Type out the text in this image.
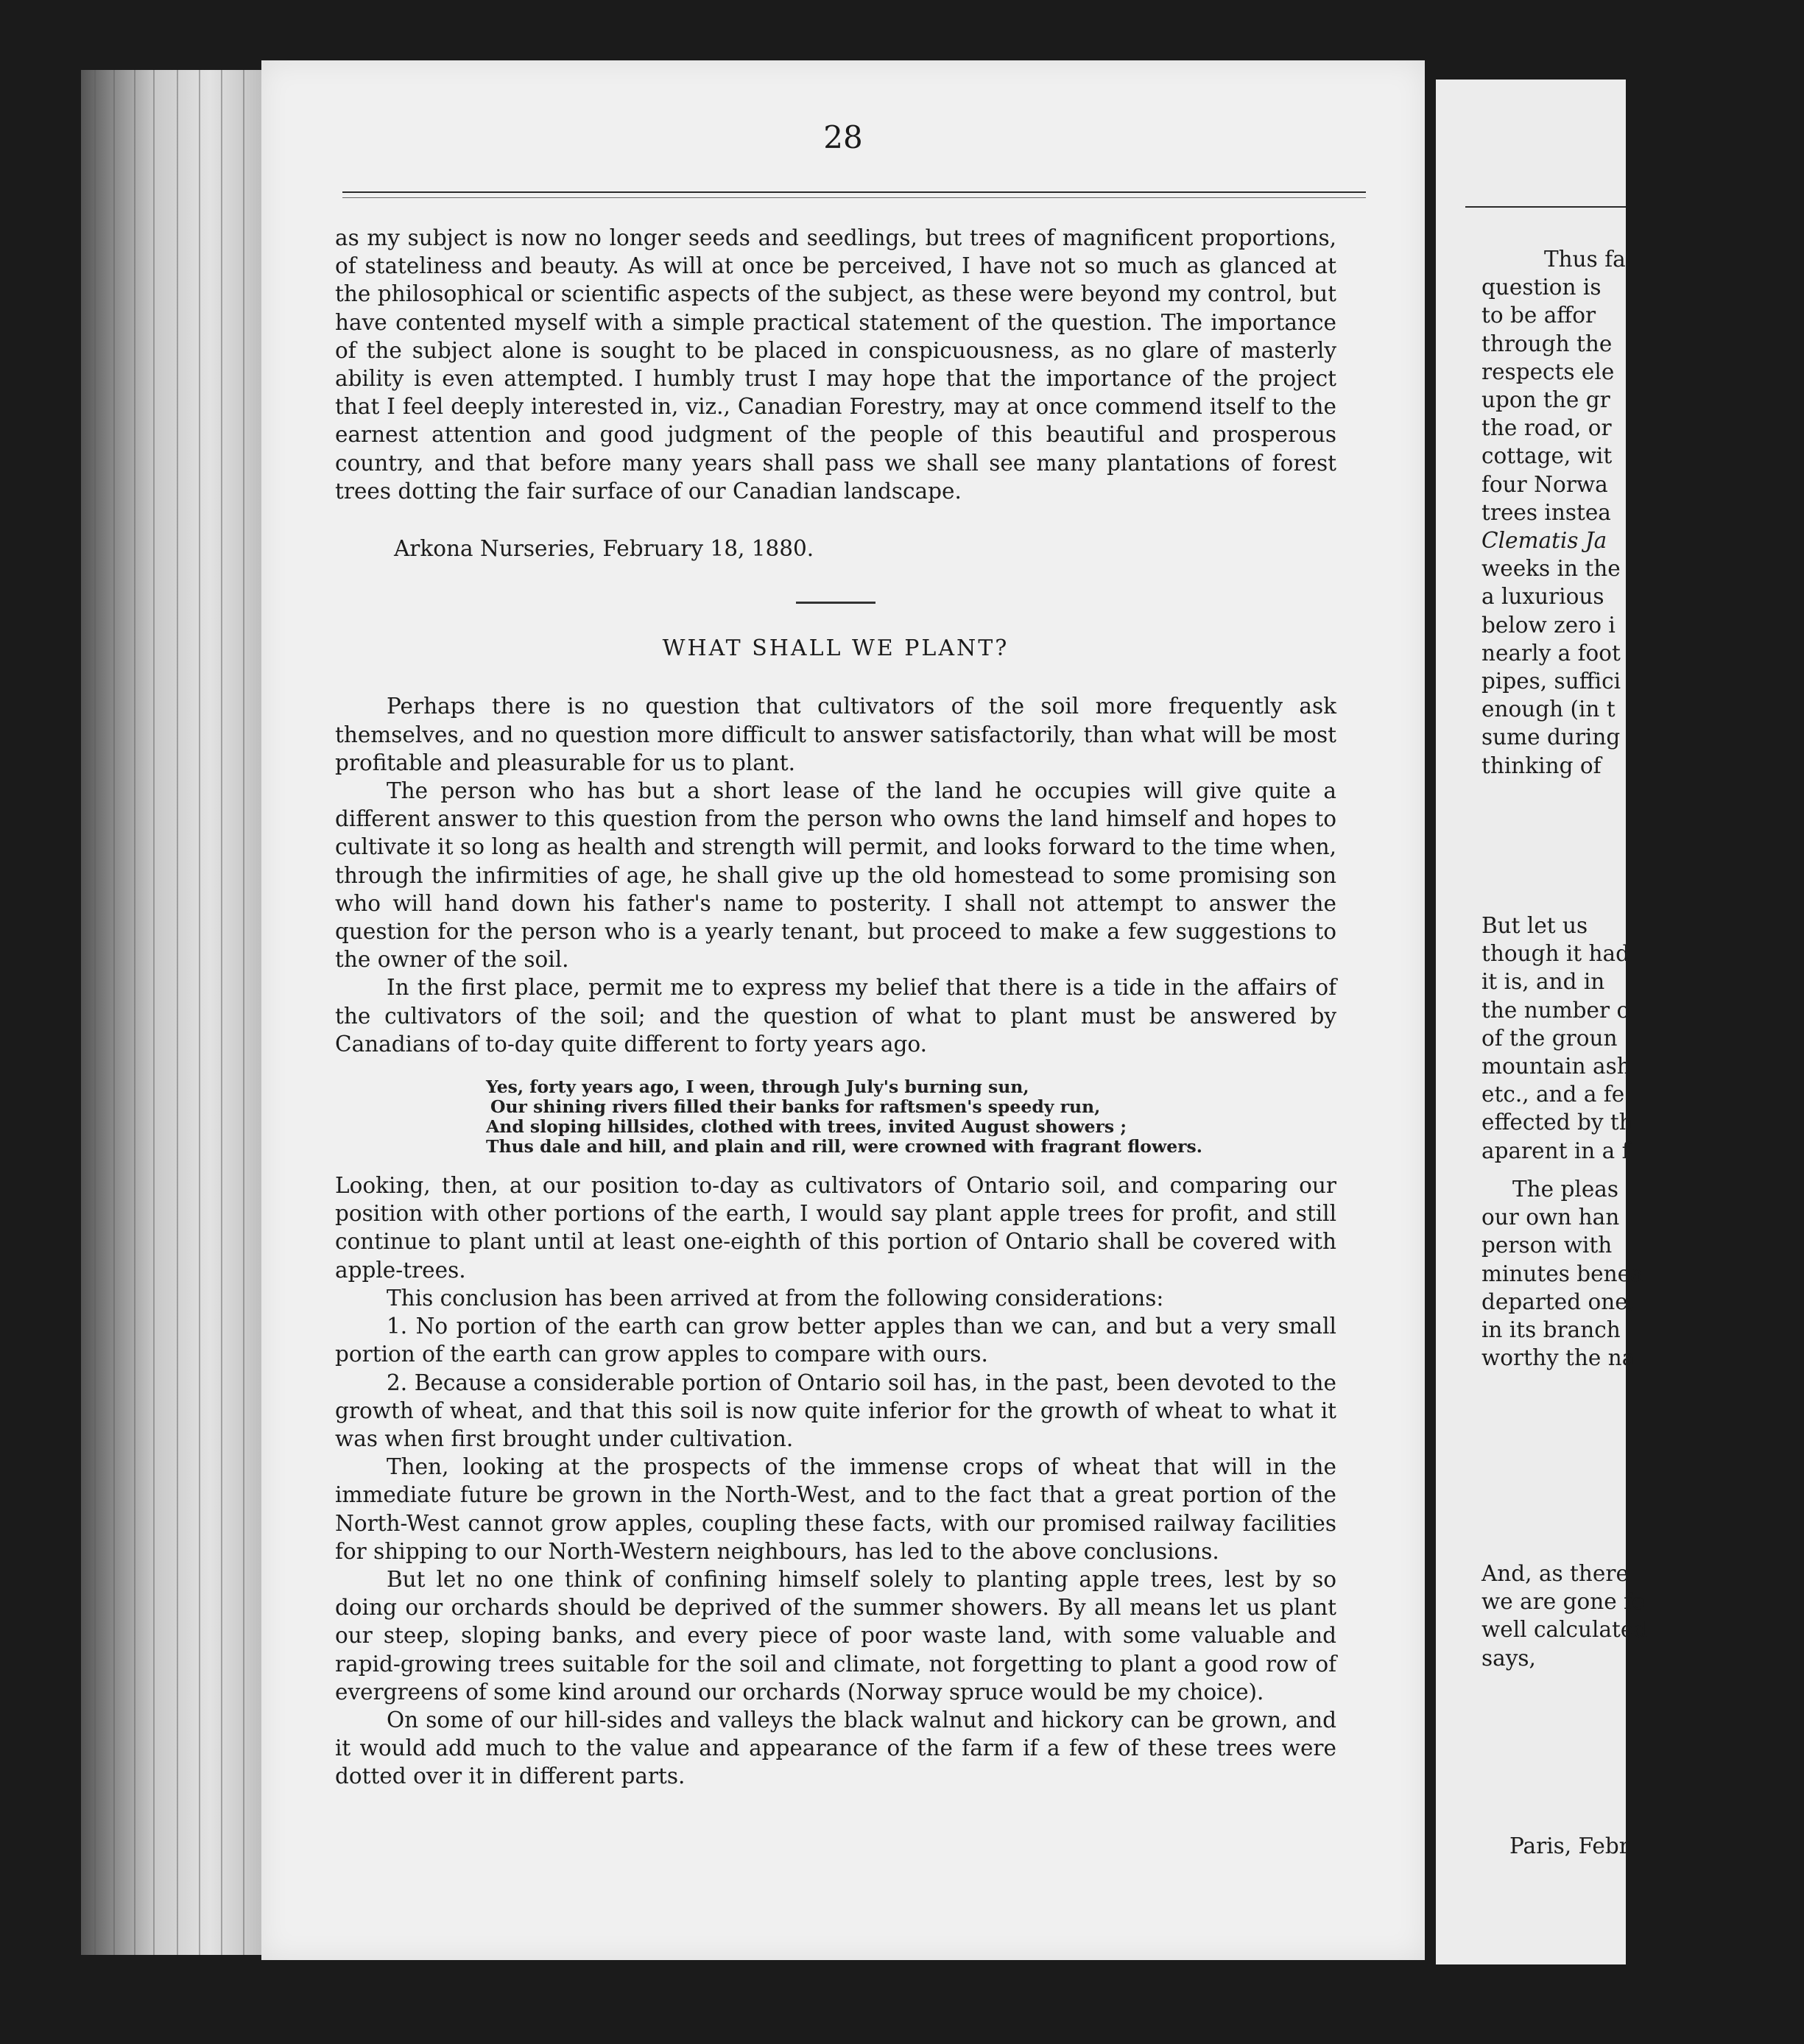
28

as my subject is now no longer seeds and seedlings, but trees of magnificent proportions, of stateliness and beauty. As will at once be perceived, I have not so much as glanced at the philosophical or scientific aspects of the subject, as these were beyond my control, but have contented myself with a simple practical statement of the question. The importance of the subject alone is sought to be placed in conspicuousness, as no glare of masterly ability is even attempted. I humbly trust I may hope that the importance of the project that I feel deeply interested in, viz., Canadian Forestry, may at once commend itself to the earnest attention and good judgment of the people of this beautiful and prosperous country, and that before many years shall pass we shall see many plantations of forest trees dotting the fair surface of our Canadian landscape.

Arkona Nurseries, February 18, 1880.

WHAT SHALL WE PLANT?

Perhaps there is no question that cultivators of the soil more frequently ask themselves, and no question more difficult to answer satisfactorily, than what will be most profitable and pleasurable for us to plant.

The person who has but a short lease of the land he occupies will give quite a different answer to this question from the person who owns the land himself and hopes to cultivate it so long as health and strength will permit, and looks forward to the time when, through the infirmities of age, he shall give up the old homestead to some promising son who will hand down his father's name to posterity. I shall not attempt to answer the question for the person who is a yearly tenant, but proceed to make a few suggestions to the owner of the soil.

In the first place, permit me to express my belief that there is a tide in the affairs of the cultivators of the soil; and the question of what to plant must be answered by Canadians of to-day quite different to forty years ago.

Yes, forty years ago, I ween, through July's burning sun,
Our shining rivers filled their banks for raftsmen's speedy run,
And sloping hillsides, clothed with trees, invited August showers ;
Thus dale and hill, and plain and rill, were crowned with fragrant flowers.

Looking, then, at our position to-day as cultivators of Ontario soil, and comparing our position with other portions of the earth, I would say plant apple trees for profit, and still continue to plant until at least one-eighth of this portion of Ontario shall be covered with apple-trees.

This conclusion has been arrived at from the following considerations:

1. No portion of the earth can grow better apples than we can, and but a very small portion of the earth can grow apples to compare with ours.

2. Because a considerable portion of Ontario soil has, in the past, been devoted to the growth of wheat, and that this soil is now quite inferior for the growth of wheat to what it was when first brought under cultivation.

Then, looking at the prospects of the immense crops of wheat that will in the immediate future be grown in the North-West, and to the fact that a great portion of the North-West cannot grow apples, coupling these facts, with our promised railway facilities for shipping to our North-Western neighbours, has led to the above conclusions.

But let no one think of confining himself solely to planting apple trees, lest by so doing our orchards should be deprived of the summer showers. By all means let us plant our steep, sloping banks, and every piece of poor waste land, with some valuable and rapid-growing trees suitable for the soil and climate, not forgetting to plant a good row of evergreens of some kind around our orchards (Norway spruce would be my choice).

On some of our hill-sides and valleys the black walnut and hickory can be grown, and it would add much to the value and appearance of the farm if a few of these trees were dotted over it in different parts.

Thus fa
question is
to be affor
through the
respects ele
upon the gr
the road, or
cottage, wit
four Norwa
trees instea
Clematis Ja
weeks in the
a luxurious
below zero i
nearly a foot
pipes, suffici
enough (in t
sume during
thinking of
But let us
though it had
it is, and in
the number o
of the groun
mountain ash
etc., and a fe
effected by th
aparent in a f
The pleas
our own han
person with
minutes benea
departed one,
in its branch
worthy the na
And, as there
we are gone fo
well calculated
says,
Paris, Febr
